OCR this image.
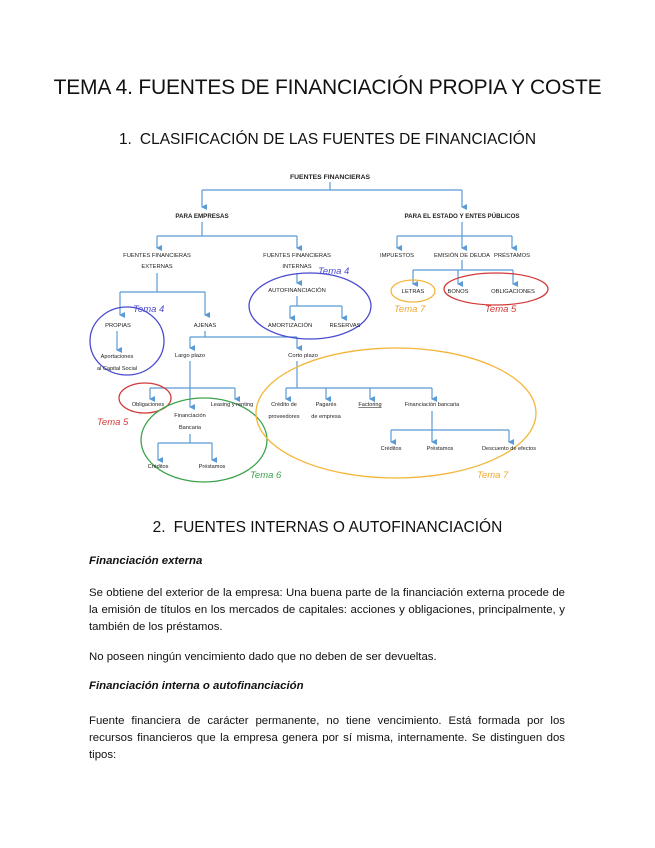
TEMA 4. FUENTES DE FINANCIACIÓN PROPIA Y COSTE
1. CLASIFICACIÓN DE LAS FUENTES DE FINANCIACIÓN
FUENTES FINANCIERAS
PARA EMPRESAS	PARA EL ESTADO Y ENTES PÚBLICOS
FUENTES FINANCIERAS
EXTERNAS
FUENTES FINANCIERAS
INTERNAS
IMPUESTOS	EMISIÓN DE DEUDA PRÉSTAMOS
LETRAS	BONOS	OBLIGACIONES
AUTOFINANCIACIÓN
AMORTIZACIÓN	RESERVAS
PROPIAS	AJENAS
Aportaciones
al Capital Social
Largo plazo	Corto plazo
Obligaciones	Leasing y renting
Financiación
Bancaria
Créditos	Préstamos
Crédito de
proveedores
Pagarés
de empresa
Factoring	Financiación bancaria
Créditos	Préstamos	Descuento de efectos
Tema 4
Tema 4	Tema 7	Tema 5
Tema 5
Tema 6	Tema 7
2. FUENTES INTERNAS O AUTOFINANCIACIÓN
Financiación externa

Se obtiene del exterior de la empresa: Una buena parte de la financiación externa procede de la emisión de títulos en los mercados de capitales: acciones y obligaciones, principalmente, y también de los préstamos.

No poseen ningún vencimiento dado que no deben de ser devueltas.

Financiación interna o autofinanciación

Fuente financiera de carácter permanente, no tiene vencimiento. Está formada por los recursos financieros que la empresa genera por sí misma, internamente. Se distinguen dos tipos:
